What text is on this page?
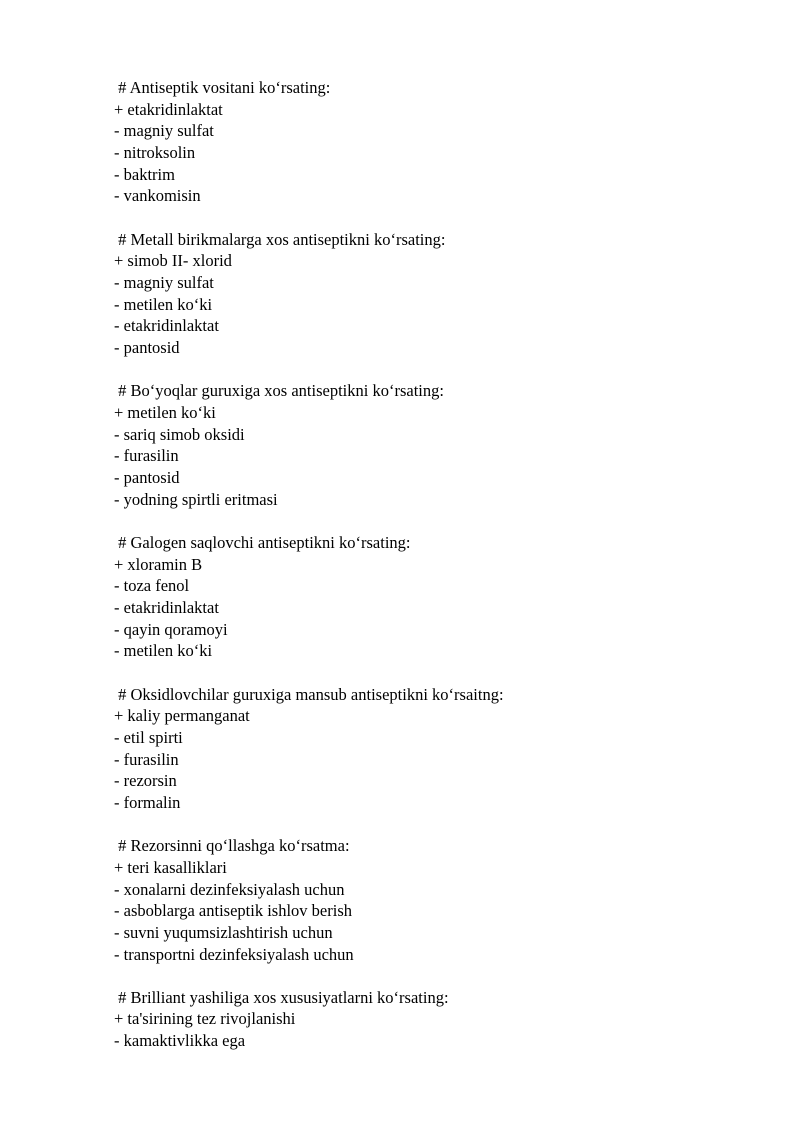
# Antiseptik vositani ko‘rsating:
+ etakridinlaktat
- magniy sulfat
- nitroksolin
- baktrim
- vankomisin
# Metall birikmalarga xos antiseptikni ko‘rsating:
+ simob II- xlorid
- magniy sulfat
- metilen ko‘ki
- etakridinlaktat
- pantosid
# Bo‘yoqlar guruxiga xos antiseptikni ko‘rsating:
+ metilen ko‘ki
- sariq simob oksidi
- furasilin
- pantosid
- yodning spirtli eritmasi
# Galogen saqlovchi antiseptikni ko‘rsating:
+ xloramin B
- toza fenol
- etakridinlaktat
- qayin qoramoyi
- metilen ko‘ki
# Oksidlovchilar guruxiga mansub antiseptikni ko‘rsaitng:
+ kaliy permanganat
- etil spirti
- furasilin
- rezorsin
- formalin
# Rezorsinni qo‘llashga ko‘rsatma:
+ teri kasalliklari
- xonalarni dezinfeksiyalash uchun
- asboblarga antiseptik ishlov berish
- suvni yuqumsizlashtirish uchun
- transportni dezinfeksiyalash uchun
# Brilliant yashiliga xos xususiyatlarni ko‘rsating:
+ ta'sirining tez rivojlanishi
- kamaktivlikka ega
